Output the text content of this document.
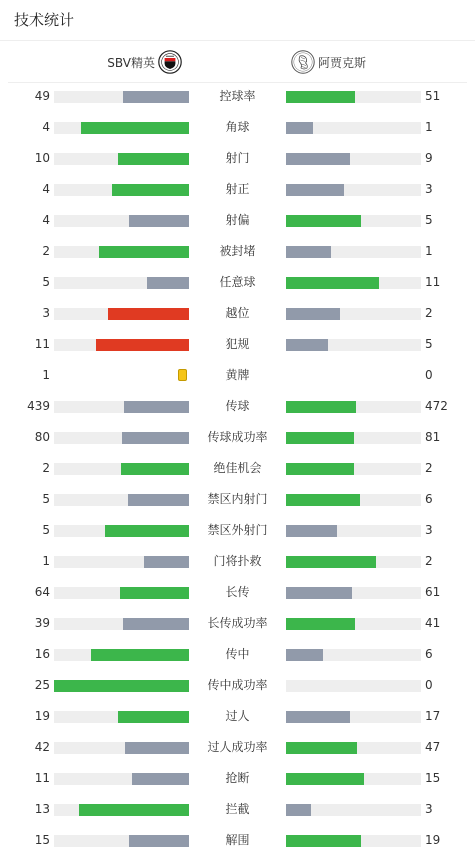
技术统计
SBV精英	阿贾克斯
49	控球率	51
4	角球	1
10	射门	9
4	射正	3
4	射偏	5
2	被封堵	1
5	任意球	11
3	越位	2
11	犯规	5
1	黄牌	0
439	传球	472
80	传球成功率	81
2	绝佳机会	2
5	禁区内射门	6
5	禁区外射门	3
1	门将扑救	2
64	长传	61
39	长传成功率	41
16	传中	6
25	传中成功率	0
19	过人	17
42	过人成功率	47
11	抢断	15
13	拦截	3
15	解围	19
